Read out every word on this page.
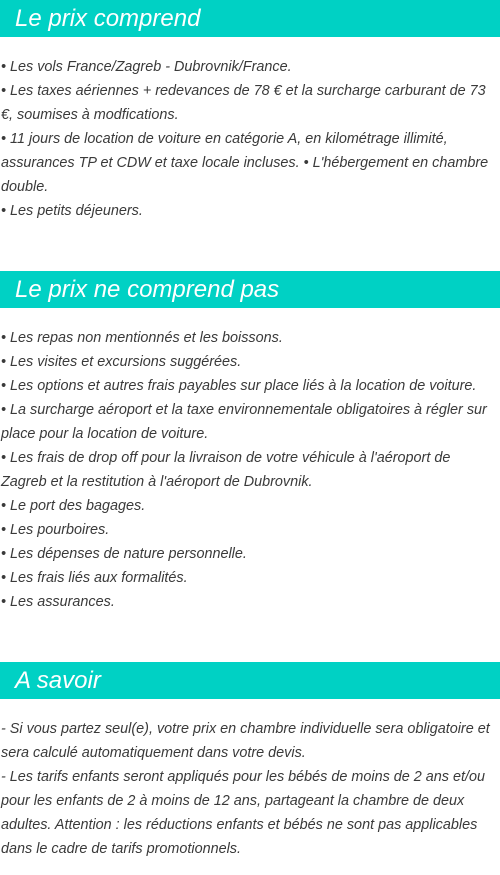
Le prix comprend
• Les vols France/Zagreb - Dubrovnik/France.
• Les taxes aériennes + redevances de 78 € et la surcharge carburant de 73 €, soumises à modfications.
• 11 jours de location de voiture en catégorie A, en kilométrage illimité, assurances TP et CDW et taxe locale incluses. • L'hébergement en chambre double.
• Les petits déjeuners.
Le prix ne comprend pas
• Les repas non mentionnés et les boissons.
• Les visites et excursions suggérées.
• Les options et autres frais payables sur place liés à la location de voiture.
• La surcharge aéroport et la taxe environnementale obligatoires à régler sur place pour la location de voiture.
• Les frais de drop off pour la livraison de votre véhicule à l'aéroport de Zagreb et la restitution à l'aéroport de Dubrovnik.
• Le port des bagages.
• Les pourboires.
• Les dépenses de nature personnelle.
• Les frais liés aux formalités.
• Les assurances.
A savoir
- Si vous partez seul(e), votre prix en chambre individuelle sera obligatoire et sera calculé automatiquement dans votre devis.
- Les tarifs enfants seront appliqués pour les bébés de moins de 2 ans et/ou pour les enfants de 2 à moins de 12 ans, partageant la chambre de deux adultes. Attention : les réductions enfants et bébés ne sont pas applicables dans le cadre de tarifs promotionnels.
